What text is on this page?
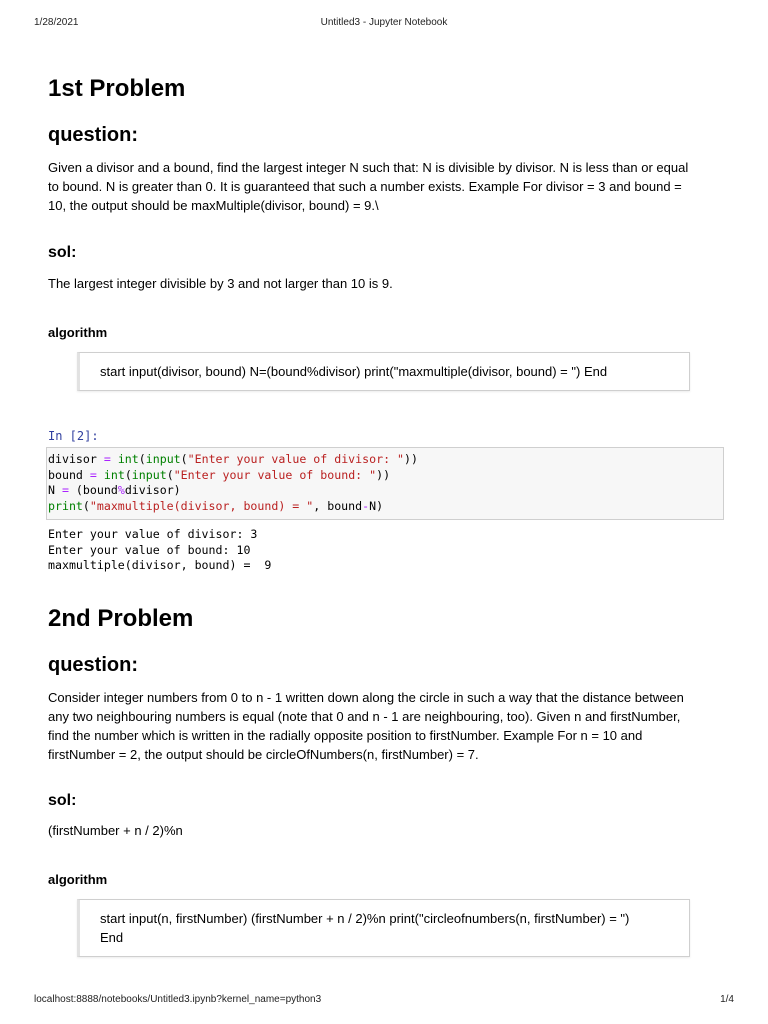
1/28/2021	Untitled3 - Jupyter Notebook
1st Problem
question:

Given a divisor and a bound, find the largest integer N such that: N is divisible by divisor. N is less than or equal
to bound. N is greater than 0. It is guaranteed that such a number exists. Example For divisor = 3 and bound =
10, the output should be maxMultiple(divisor, bound) = 9.\

sol:

The largest integer divisible by 3 and not larger than 10 is 9.

algorithm
start input(divisor, bound) N=(bound%divisor) print("maxmultiple(divisor, bound) = ") End
In [2]:
divisor = int(input("Enter your value of divisor: "))
bound = int(input("Enter your value of bound: "))
N = (bound%divisor)
print("maxmultiple(divisor, bound) = ", bound-N)
Enter your value of divisor: 3
Enter your value of bound: 10
maxmultiple(divisor, bound) =  9
2nd Problem
question:

Consider integer numbers from 0 to n - 1 written down along the circle in such a way that the distance between
any two neighbouring numbers is equal (note that 0 and n - 1 are neighbouring, too). Given n and firstNumber,
find the number which is written in the radially opposite position to firstNumber. Example For n = 10 and
firstNumber = 2, the output should be circleOfNumbers(n, firstNumber) = 7.

sol:

(firstNumber + n / 2)%n

algorithm
start input(n, firstNumber) (firstNumber + n / 2)%n print("circleofnumbers(n, firstNumber) = ")
End
localhost:8888/notebooks/Untitled3.ipynb?kernel_name=python3	1/4
